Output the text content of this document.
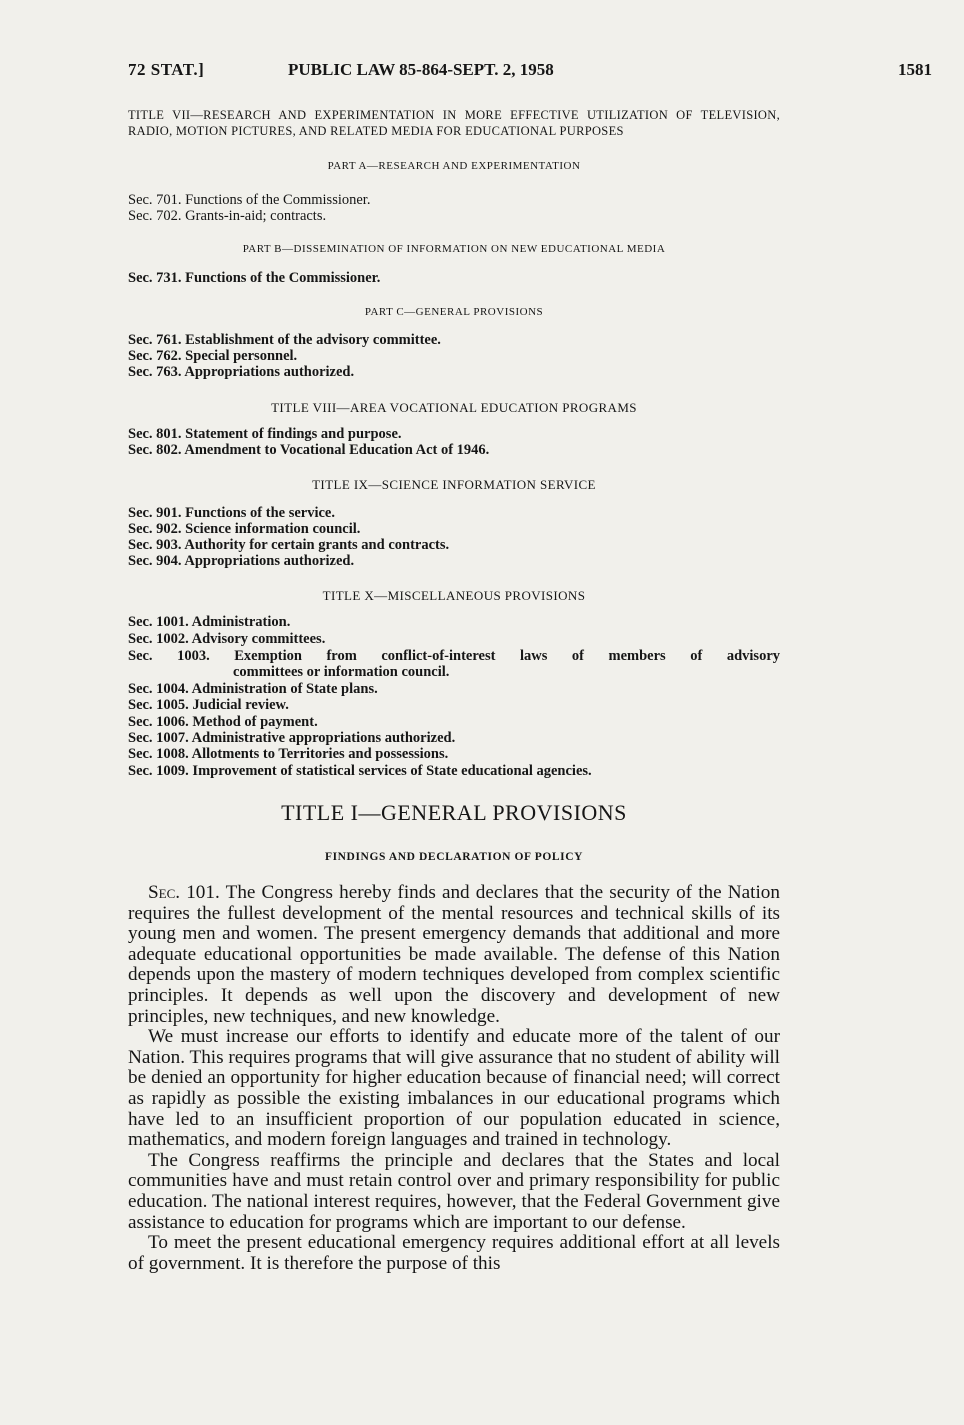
72 STAT.]	PUBLIC LAW 85-864-SEPT. 2, 1958	1581
TITLE VII—RESEARCH AND EXPERIMENTATION IN MORE EFFECTIVE UTILIZATION OF TELEVISION, RADIO, MOTION PICTURES, AND RELATED MEDIA FOR EDUCATIONAL PURPOSES
PART A—RESEARCH AND EXPERIMENTATION
Sec. 701. Functions of the Commissioner.
Sec. 702. Grants-in-aid; contracts.
PART B—DISSEMINATION OF INFORMATION ON NEW EDUCATIONAL MEDIA
Sec. 731. Functions of the Commissioner.
PART C—GENERAL PROVISIONS
Sec. 761. Establishment of the advisory committee.
Sec. 762. Special personnel.
Sec. 763. Appropriations authorized.
TITLE VIII—AREA VOCATIONAL EDUCATION PROGRAMS
Sec. 801. Statement of findings and purpose.
Sec. 802. Amendment to Vocational Education Act of 1946.
TITLE IX—SCIENCE INFORMATION SERVICE
Sec. 901. Functions of the service.
Sec. 902. Science information council.
Sec. 903. Authority for certain grants and contracts.
Sec. 904. Appropriations authorized.
TITLE X—MISCELLANEOUS PROVISIONS
Sec. 1001. Administration.
Sec. 1002. Advisory committees.
Sec. 1003. Exemption from conflict-of-interest laws of members of advisory
committees or information council.
Sec. 1004. Administration of State plans.
Sec. 1005. Judicial review.
Sec. 1006. Method of payment.
Sec. 1007. Administrative appropriations authorized.
Sec. 1008. Allotments to Territories and possessions.
Sec. 1009. Improvement of statistical services of State educational agencies.
TITLE I—GENERAL PROVISIONS
FINDINGS AND DECLARATION OF POLICY

Sec. 101. The Congress hereby finds and declares that the security of the Nation requires the fullest development of the mental resources and technical skills of its young men and women. The present emergency demands that additional and more adequate educational opportunities be made available. The defense of this Nation depends upon the mastery of modern techniques developed from complex scientific principles. It depends as well upon the discovery and development of new principles, new techniques, and new knowledge.

We must increase our efforts to identify and educate more of the talent of our Nation. This requires programs that will give assurance that no student of ability will be denied an opportunity for higher education because of financial need; will correct as rapidly as possible the existing imbalances in our educational programs which have led to an insufficient proportion of our population educated in science, mathematics, and modern foreign languages and trained in technology.

The Congress reaffirms the principle and declares that the States and local communities have and must retain control over and primary responsibility for public education. The national interest requires, however, that the Federal Government give assistance to education for programs which are important to our defense.

To meet the present educational emergency requires additional effort at all levels of government. It is therefore the purpose of this
